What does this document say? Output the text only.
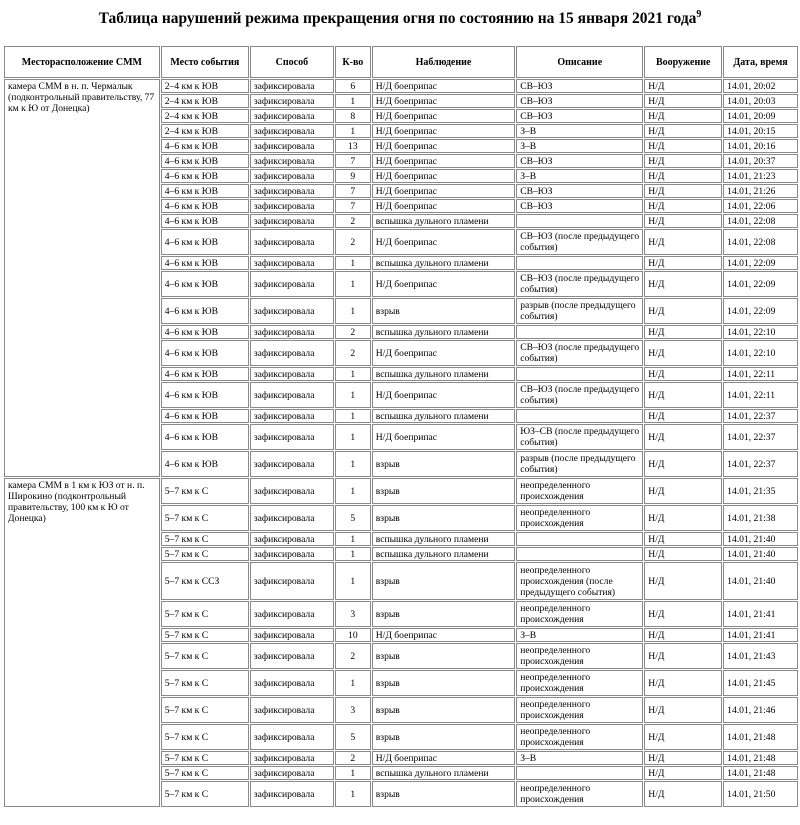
Таблица нарушений режима прекращения огня по состоянию на 15 января 2021 года$^9$
Месторасположение СММ	Место события	Способ	К-во	Наблюдение	Описание	Вооружение	Дата, время
камера СММ в н. п. Чермалык (подконтрольный правительству, 77 км к Ю от Донецка)	2–4 км к ЮВ	зафиксировала	6	Н/Д боеприпас	СВ–ЮЗ	Н/Д	14.01, 20:02
	2–4 км к ЮВ	зафиксировала	1	Н/Д боеприпас	СВ–ЮЗ	Н/Д	14.01, 20:03
	2–4 км к ЮВ	зафиксировала	8	Н/Д боеприпас	СВ–ЮЗ	Н/Д	14.01, 20:09
	2–4 км к ЮВ	зафиксировала	1	Н/Д боеприпас	З–В	Н/Д	14.01, 20:15
	4–6 км к ЮВ	зафиксировала	13	Н/Д боеприпас	З–В	Н/Д	14.01, 20:16
	4–6 км к ЮВ	зафиксировала	7	Н/Д боеприпас	СВ–ЮЗ	Н/Д	14.01, 20:37
	4–6 км к ЮВ	зафиксировала	9	Н/Д боеприпас	З–В	Н/Д	14.01, 21:23
	4–6 км к ЮВ	зафиксировала	7	Н/Д боеприпас	СВ–ЮЗ	Н/Д	14.01, 21:26
	4–6 км к ЮВ	зафиксировала	7	Н/Д боеприпас	СВ–ЮЗ	Н/Д	14.01, 22:06
	4–6 км к ЮВ	зафиксировала	2	вспышка дульного пламени		Н/Д	14.01, 22:08
	4–6 км к ЮВ	зафиксировала	2	Н/Д боеприпас	СВ–ЮЗ (после предыдущего события)	Н/Д	14.01, 22:08
	4–6 км к ЮВ	зафиксировала	1	вспышка дульного пламени		Н/Д	14.01, 22:09
	4–6 км к ЮВ	зафиксировала	1	Н/Д боеприпас	СВ–ЮЗ (после предыдущего события)	Н/Д	14.01, 22:09
	4–6 км к ЮВ	зафиксировала	1	взрыв	разрыв (после предыдущего события)	Н/Д	14.01, 22:09
	4–6 км к ЮВ	зафиксировала	2	вспышка дульного пламени		Н/Д	14.01, 22:10
	4–6 км к ЮВ	зафиксировала	2	Н/Д боеприпас	СВ–ЮЗ (после предыдущего события)	Н/Д	14.01, 22:10
	4–6 км к ЮВ	зафиксировала	1	вспышка дульного пламени		Н/Д	14.01, 22:11
	4–6 км к ЮВ	зафиксировала	1	Н/Д боеприпас	СВ–ЮЗ (после предыдущего события)	Н/Д	14.01, 22:11
	4–6 км к ЮВ	зафиксировала	1	вспышка дульного пламени		Н/Д	14.01, 22:37
	4–6 км к ЮВ	зафиксировала	1	Н/Д боеприпас	ЮЗ–СВ (после предыдущего события)	Н/Д	14.01, 22:37
	4–6 км к ЮВ	зафиксировала	1	взрыв	разрыв (после предыдущего события)	Н/Д	14.01, 22:37
камера СММ в 1 км к ЮЗ от н. п. Широкино (подконтрольный правительству, 100 км к Ю от Донецка)	5–7 км к С	зафиксировала	1	взрыв	неопределенного происхождения	Н/Д	14.01, 21:35
	5–7 км к С	зафиксировала	5	взрыв	неопределенного происхождения	Н/Д	14.01, 21:38
	5–7 км к С	зафиксировала	1	вспышка дульного пламени		Н/Д	14.01, 21:40
	5–7 км к С	зафиксировала	1	вспышка дульного пламени		Н/Д	14.01, 21:40
	5–7 км к ССЗ	зафиксировала	1	взрыв	неопределенного происхождения (после предыдущего события)	Н/Д	14.01, 21:40
	5–7 км к С	зафиксировала	3	взрыв	неопределенного происхождения	Н/Д	14.01, 21:41
	5–7 км к С	зафиксировала	10	Н/Д боеприпас	З–В	Н/Д	14.01, 21:41
	5–7 км к С	зафиксировала	2	взрыв	неопределенного происхождения	Н/Д	14.01, 21:43
	5–7 км к С	зафиксировала	1	взрыв	неопределенного происхождения	Н/Д	14.01, 21:45
	5–7 км к С	зафиксировала	3	взрыв	неопределенного происхождения	Н/Д	14.01, 21:46
	5–7 км к С	зафиксировала	5	взрыв	неопределенного происхождения	Н/Д	14.01, 21:48
	5–7 км к С	зафиксировала	2	Н/Д боеприпас	З–В	Н/Д	14.01, 21:48
	5–7 км к С	зафиксировала	1	вспышка дульного пламени		Н/Д	14.01, 21:48
	5–7 км к С	зафиксировала	1	взрыв	неопределенного происхождения	Н/Д	14.01, 21:50
